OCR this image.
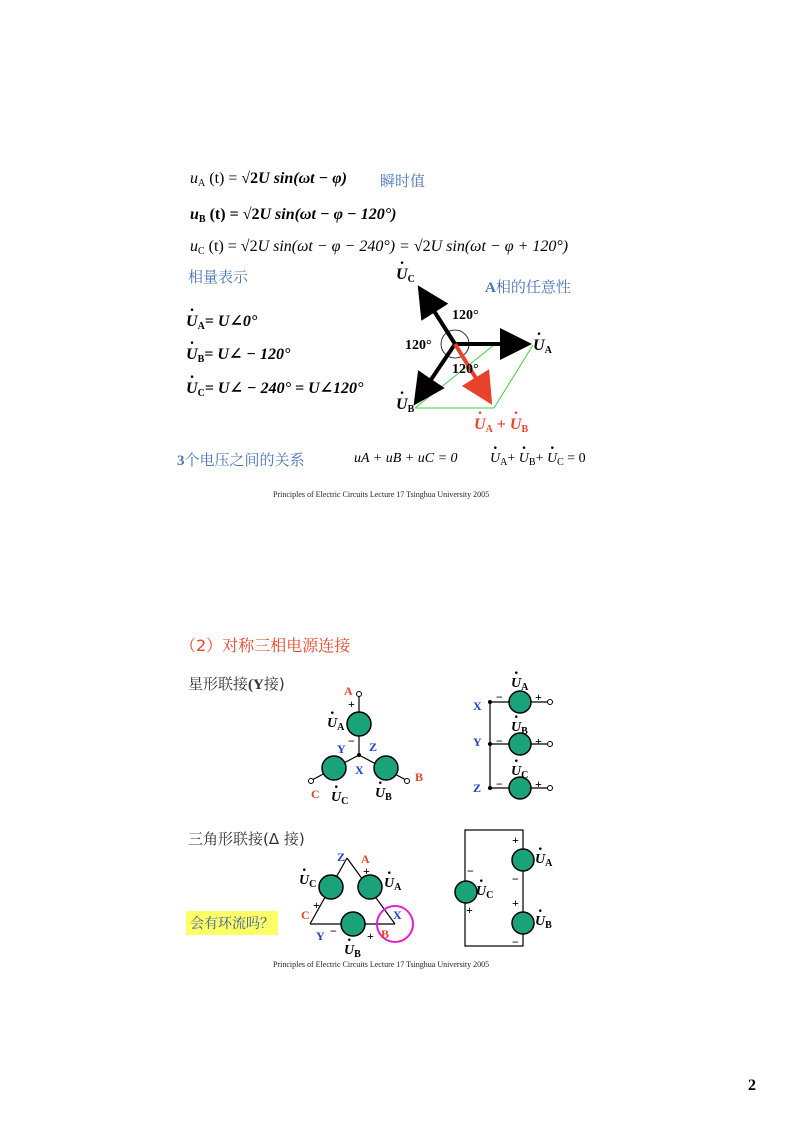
$u_A$ (t) = √2U sin(ωt − φ) 瞬时值
$u_B$ (t) = √2U sin(ωt − φ − 120°)
$u_C$ (t) = √2U sin(ωt − φ − 240°) = √2U sin(ωt − φ + 120°)
相量表示
· $U_A=$ U∠0°
· $U_B=$ U∠ − 120°
· $U_C=$ U∠ − 240° = U∠120°
· $U_C$
· $U_A$
· $U_B$
120°
120°
120°
· $U_A$ + · $U_B$
A相的任意性
3个电压之间的关系	uA + uB + uC = 0
· $U_A+ \cdot U_B+ \cdot U_C = 0$
Principles of Electric Circuits Lecture 17 Tsinghua University 2005
（2）对称三相电源连接
星形联接(Y接)
三角形联接(Δ 接)
会有环流吗？
A
+
· $U_A$
−
Y Z
X	B
C
· $U_C$
· $U_B$
X
Y
Z
· $U_A$
· $U_B$
· $U_C$
−	+
−	+
−	+
Z A
· $U_C$
·	$U_A$
+
+
C	X
Y −	+ B
· $U_B$
+
· $U_A$
−
+
· $U_B$
−
−
· $U_C$
+
Principles of Electric Circuits Lecture 17 Tsinghua University 2005
2
